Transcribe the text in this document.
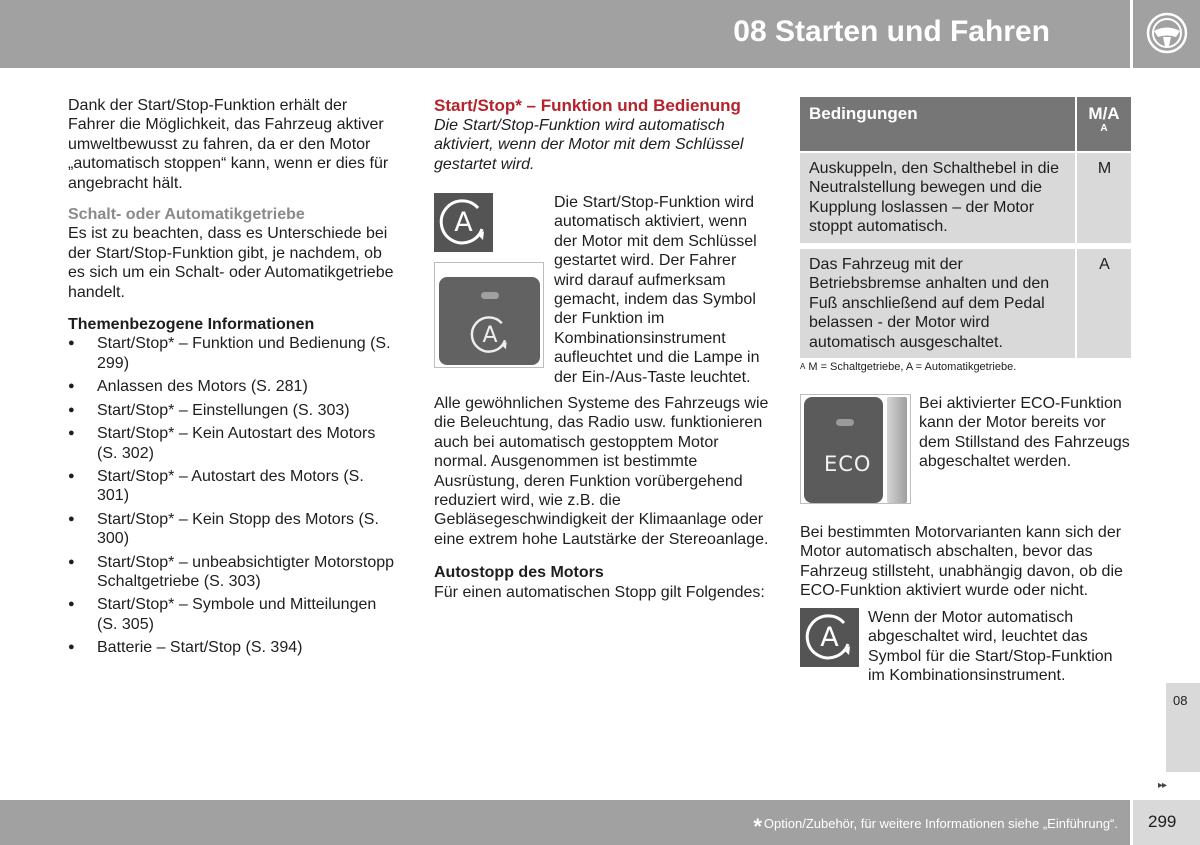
08 Starten und Fahren

Dank der Start/Stop-Funktion erhält der Fahrer die Möglichkeit, das Fahrzeug aktiver umweltbewusst zu fahren, da er den Motor „automatisch stoppen“ kann, wenn er dies für angebracht hält.

Schalt- oder Automatikgetriebe

Es ist zu beachten, dass es Unterschiede bei der Start/Stop-Funktion gibt, je nachdem, ob es sich um ein Schalt- oder Automatikgetriebe handelt.

Themenbezogene Informationen

● Start/Stop* – Funktion und Bedienung (S. 299)
● Anlassen des Motors (S. 281)
● Start/Stop* – Einstellungen (S. 303)
● Start/Stop* – Kein Autostart des Motors (S. 302)
● Start/Stop* – Autostart des Motors (S. 301)
● Start/Stop* – Kein Stopp des Motors (S. 300)
● Start/Stop* – unbeabsichtigter Motorstopp Schaltgetriebe (S. 303)
● Start/Stop* – Symbole und Mitteilungen (S. 305)
● Batterie – Start/Stop (S. 394)

Start/Stop* – Funktion und Bedienung

Die Start/Stop-Funktion wird automatisch aktiviert, wenn der Motor mit dem Schlüssel gestartet wird.

A
A

Die Start/Stop-Funktion wird automatisch aktiviert, wenn der Motor mit dem Schlüssel gestartet wird. Der Fahrer wird darauf aufmerksam gemacht, indem das Symbol der Funktion im Kombinationsinstrument aufleuchtet und die Lampe in der Ein-/Aus-Taste leuchtet.

Alle gewöhnlichen Systeme des Fahrzeugs wie die Beleuchtung, das Radio usw. funktionieren auch bei automatisch gestopptem Motor normal. Ausgenommen ist bestimmte Ausrüstung, deren Funktion vorübergehend reduziert wird, wie z.B. die Gebläsegeschwindigkeit der Klimaanlage oder eine extrem hohe Lautstärke der Stereoanlage.

Autostopp des Motors

Für einen automatischen Stopp gilt Folgendes:

Bedingungen	M/A
A

Auskuppeln, den Schalthebel in die Neutralstellung bewegen und die Kupplung loslassen – der Motor stoppt automatisch.	M
Das Fahrzeug mit der Betriebsbremse anhalten und den Fuß anschließend auf dem Pedal belassen - der Motor wird automatisch ausgeschaltet.	A
$^A$ M = Schaltgetriebe, A = Automatikgetriebe.
ECO

Bei aktivierter ECO-Funktion kann der Motor bereits vor dem Stillstand des Fahrzeugs abgeschaltet werden.

Bei bestimmten Motorvarianten kann sich der Motor automatisch abschalten, bevor das Fahrzeug stillsteht, unabhängig davon, ob die ECO-Funktion aktiviert wurde oder nicht.

A

Wenn der Motor automatisch abgeschaltet wird, leuchtet das Symbol für die Start/Stop-Funktion im Kombinationsinstrument.

08
▸▸
* Option/Zubehör, für weitere Informationen siehe „Einführung“. 299
